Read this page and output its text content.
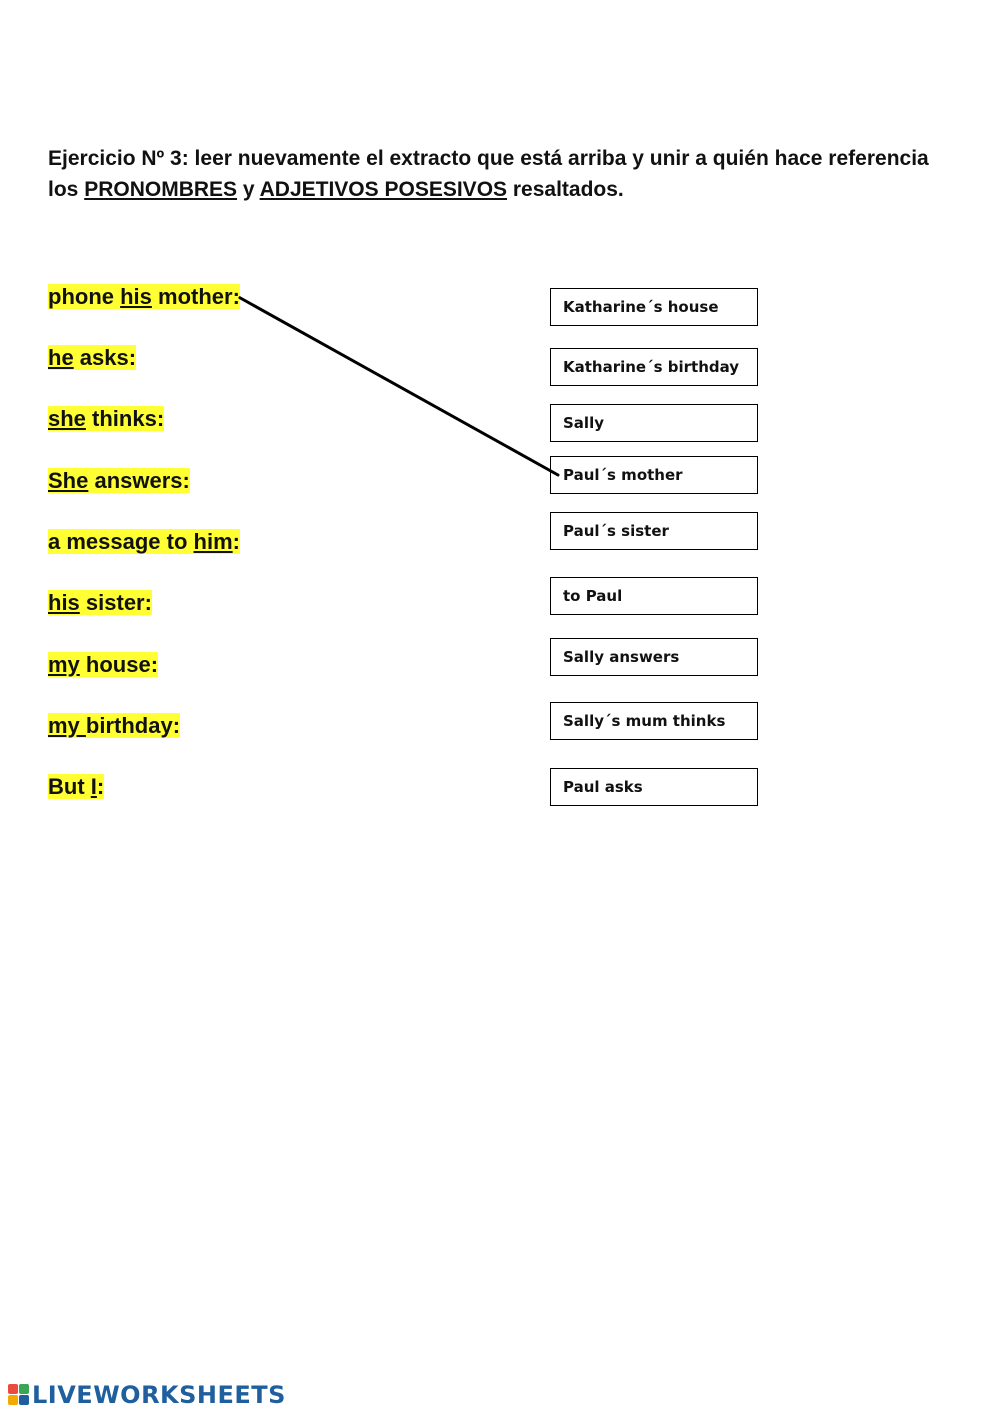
Ejercicio Nº 3: leer nuevamente el extracto que está arriba y unir a quién hace referencia los PRONOMBRES y ADJETIVOS POSESIVOS resaltados.
phone his mother:
he asks:
she thinks:
She answers:
a message to him:
his sister:
my house:
my birthday:
But I:
Katharine´s house
Katharine´s birthday
Sally
Paul´s mother
Paul´s sister
to Paul
Sally answers
Sally´s mum thinks
Paul asks
LIVEWORKSHEETS
